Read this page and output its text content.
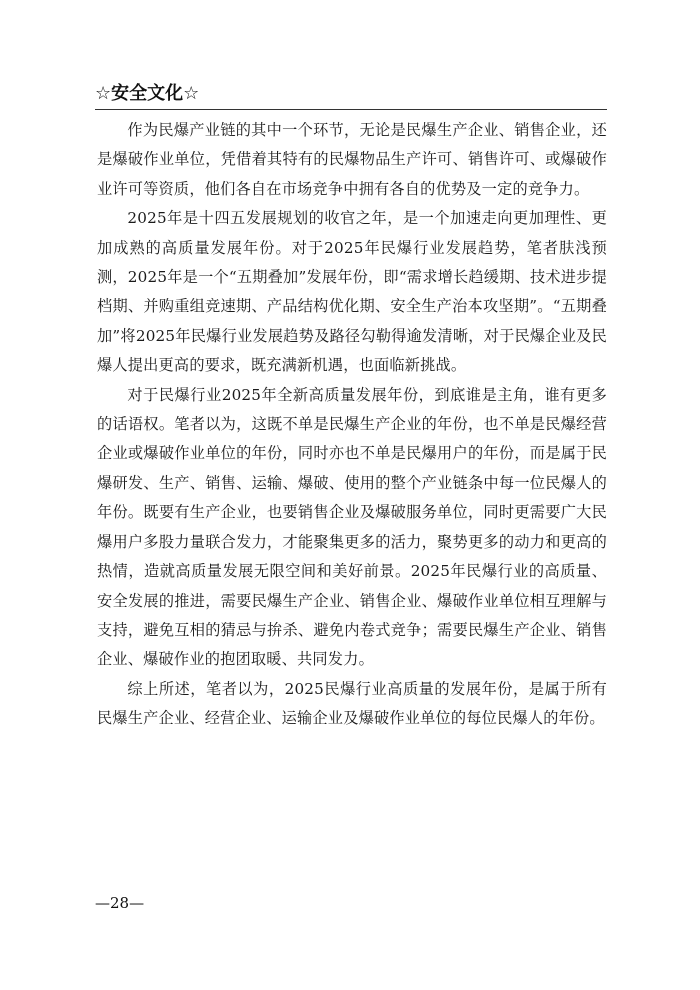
☆安全文化☆

作为民爆产业链的其中一个环节，无论是民爆生产企业、销售企业，还是爆破作业单位，凭借着其特有的民爆物品生产许可、销售许可、或爆破作业许可等资质，他们各自在市场竞争中拥有各自的优势及一定的竞争力。

2025年是十四五发展规划的收官之年，是一个加速走向更加理性、更加成熟的高质量发展年份。对于2025年民爆行业发展趋势，笔者肤浅预测，2025年是一个“五期叠加”发展年份，即“需求增长趋缓期、技术进步提档期、并购重组竞速期、产品结构优化期、安全生产治本攻坚期”。“五期叠加”将2025年民爆行业发展趋势及路径勾勒得逾发清晰，对于民爆企业及民爆人提出更高的要求，既充满新机遇，也面临新挑战。

对于民爆行业2025年全新高质量发展年份，到底谁是主角，谁有更多的话语权。笔者以为，这既不单是民爆生产企业的年份，也不单是民爆经营企业或爆破作业单位的年份，同时亦也不单是民爆用户的年份，而是属于民爆研发、生产、销售、运输、爆破、使用的整个产业链条中每一位民爆人的年份。既要有生产企业，也要销售企业及爆破服务单位，同时更需要广大民爆用户多股力量联合发力，才能聚集更多的活力，聚势更多的动力和更高的热情，造就高质量发展无限空间和美好前景。2025年民爆行业的高质量、安全发展的推进，需要民爆生产企业、销售企业、爆破作业单位相互理解与支持，避免互相的猜忌与拚杀、避免内卷式竞争；需要民爆生产企业、销售企业、爆破作业的抱团取暖、共同发力。

综上所述，笔者以为，2025民爆行业高质量的发展年份，是属于所有民爆生产企业、经营企业、运输企业及爆破作业单位的每位民爆人的年份。

—28—
